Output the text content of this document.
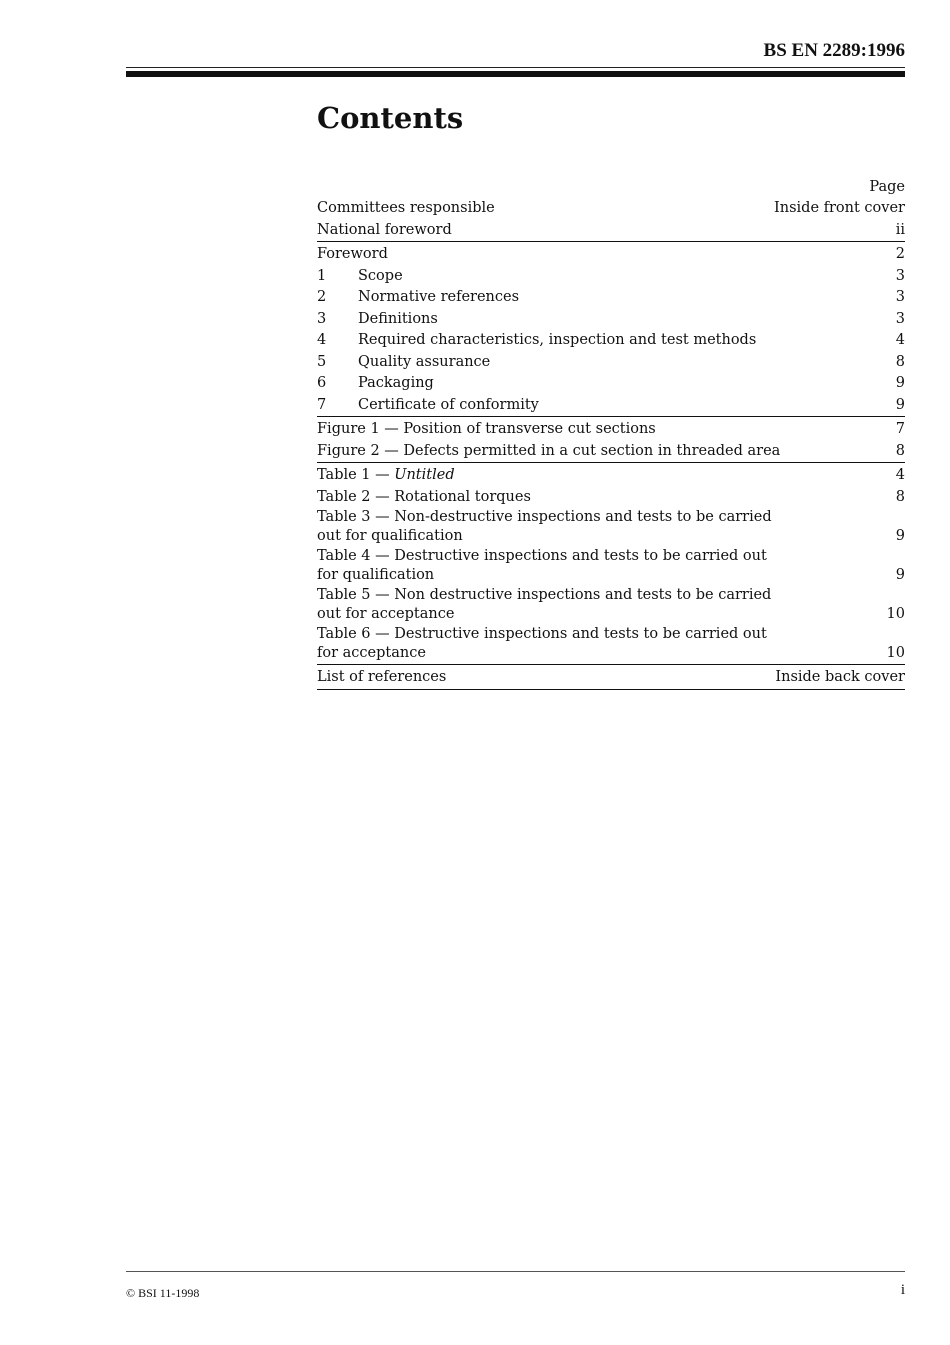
BS EN 2289:1996
Contents
Page
Committees responsible	Inside front cover
National foreword	ii
Foreword	2
1	Scope	3
2	Normative references	3
3	Definitions	3
4	Required characteristics, inspection and test methods	4
5	Quality assurance	8
6	Packaging	9
7	Certificate of conformity	9
Figure 1 — Position of transverse cut sections	7
Figure 2 — Defects permitted in a cut section in threaded area	8
Table 1 — Untitled	4
Table 2 — Rotational torques	8
Table 3 — Non-destructive inspections and tests to be carried
out for qualification	9
Table 4 — Destructive inspections and tests to be carried out
for qualification	9
Table 5 — Non destructive inspections and tests to be carried
out for acceptance	10
Table 6 — Destructive inspections and tests to be carried out
for acceptance	10
List of references	Inside back cover
© BSI 11-1998	i
